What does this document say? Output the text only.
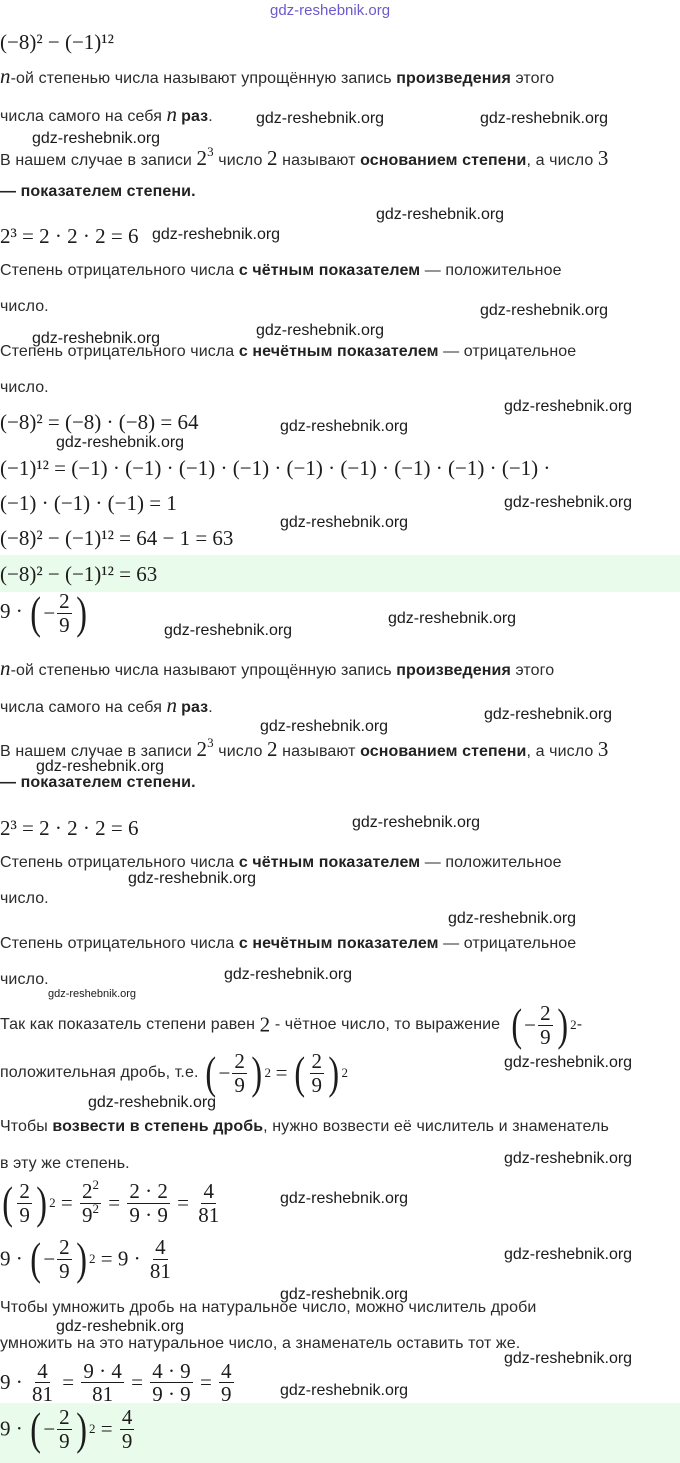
gdz-reshebnik.org
(−8)² − (−1)¹²
n-ой степенью числа называют упрощённую запись произведения этого
числа самого на себя n раз.
В нашем случае в записи $2^3$ число 2 называют основанием степени, а число 3
— показателем степени.
2³ = 2 · 2 · 2 = 6
Степень отрицательного числа с чётным показателем — положительное
число.
Степень отрицательного числа с нечётным показателем — отрицательное
число.
(−8)² = (−8) · (−8) = 64
(−1)¹² = (−1) · (−1) · (−1) · (−1) · (−1) · (−1) · (−1) · (−1) · (−1) ·
(−1) · (−1) · (−1) = 1
(−8)² − (−1)¹² = 64 − 1 = 63
(−8)² − (−1)¹² = 63
9 · ( − $\frac{2}{9}$ )
n-ой степенью числа называют упрощённую запись произведения этого
числа самого на себя n раз.
В нашем случае в записи $2^3$ число 2 называют основанием степени, а число 3
— показателем степени.
2³ = 2 · 2 · 2 = 6
Степень отрицательного числа с чётным показателем — положительное
число.
Степень отрицательного числа с нечётным показателем — отрицательное
число.
Так как показатель степени равен 2 - чётное число, то выражение ( − $\frac{2}{9}$ ) 2 -
положительная дробь, т.е. ( − $\frac{2}{9}$ ) 2 = ( $\frac{2}{9}$ ) 2
Чтобы возвести в степень дробь, нужно возвести её числитель и знаменатель
в эту же степень.
( $\frac{2}{9}$ ) $2 = \frac{2^2}{9^2} = \frac{2 \cdot 2}{9 \cdot 9} = \frac{4}{81}$
9 · ( − $\frac{2}{9}$ ) $2 = 9 \cdot \frac{4}{81}$
Чтобы умножить дробь на натуральное число, можно числитель дроби
умножить на это натуральное число, а знаменатель оставить тот же.
$9 \cdot \frac{4}{81} = \frac{9 \cdot 4}{81} = \frac{4 \cdot 9}{9 \cdot 9} = \frac{4}{9}$
9 · ( − $\frac{2}{9}$ ) $2 = \frac{4}{9}$
gdz-reshebnik.org	gdz-reshebnik.org
gdz-reshebnik.org
gdz-reshebnik.org
gdz-reshebnik.org
gdz-reshebnik.org
gdz-reshebnik.org
gdz-reshebnik.org
gdz-reshebnik.org
gdz-reshebnik.org
gdz-reshebnik.org
gdz-reshebnik.org
gdz-reshebnik.org
gdz-reshebnik.org
gdz-reshebnik.org
gdz-reshebnik.org
gdz-reshebnik.org
gdz-reshebnik.org
gdz-reshebnik.org
gdz-reshebnik.org
gdz-reshebnik.org
gdz-reshebnik.org
gdz-reshebnik.org
gdz-reshebnik.org
gdz-reshebnik.org
gdz-reshebnik.org
gdz-reshebnik.org
gdz-reshebnik.org
gdz-reshebnik.org
gdz-reshebnik.org
gdz-reshebnik.org
gdz-reshebnik.org
